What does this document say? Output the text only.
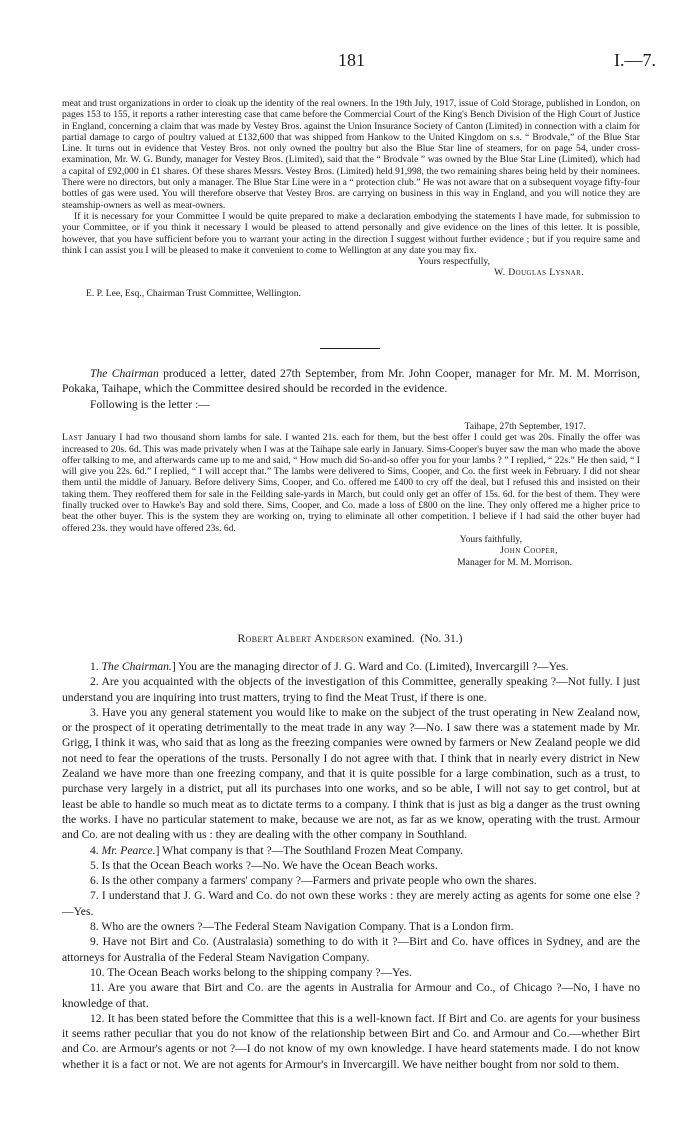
181	I.—7.

meat and trust organizations in order to cloak up the identity of the real owners. In the 19th July, 1917, issue of Cold Storage, published in London, on pages 153 to 155, it reports a rather interesting case that came before the Commercial Court of the King's Bench Division of the High Court of Justice in England, concerning a claim that was made by Vestey Bros. against the Union Insurance Society of Canton (Limited) in connection with a claim for partial damage to cargo of poultry valued at £132,600 that was shipped from Hankow to the United Kingdom on s.s. “ Brodvale,” of the Blue Star Line. It turns out in evidence that Vestey Bros. not only owned the poultry but also the Blue Star line of steamers, for on page 54, under cross-examination, Mr. W. G. Bundy, manager for Vestey Bros. (Limited), said that the “ Brodvale ” was owned by the Blue Star Line (Limited), which had a capital of £92,000 in £1 shares. Of these shares Messrs. Vestey Bros. (Limited) held 91,998, the two remaining shares being held by their nominees. There were no directors, but only a manager. The Blue Star Line were in a “ protection club.” He was not aware that on a subsequent voyage fifty-four bottles of gas were used. You will therefore observe that Vestey Bros. are carrying on business in this way in England, and you will notice they are steamship-owners as well as meat-owners.

If it is necessary for your Committee I would be quite prepared to make a declaration embodying the statements I have made, for submission to your Committee, or if you think it necessary I would be pleased to attend personally and give evidence on the lines of this letter. It is possible, however, that you have sufficient before you to warrant your acting in the direction I suggest without further evidence ; but if you require same and think I can assist you I will be pleased to make it convenient to come to Wellington at any date you may fix.

Yours respectfully,
W. Douglas Lysnar.

E. P. Lee, Esq., Chairman Trust Committee, Wellington.

The Chairman produced a letter, dated 27th September, from Mr. John Cooper, manager for Mr. M. M. Morrison, Pokaka, Taihape, which the Committee desired should be recorded in the evidence.

Following is the letter :—

Taihape, 27th September, 1917.

Last January I had two thousand shorn lambs for sale. I wanted 21s. each for them, but the best offer I could get was 20s. Finally the offer was increased to 20s. 6d. This was made privately when I was at the Taihape sale early in January. Sims-Cooper's buyer saw the man who made the above offer talking to me, and afterwards came up to me and said, “ How much did So-and-so offer you for your lambs ? ” I replied, “ 22s.” He then said, “ I will give you 22s. 6d.” I replied, “ I will accept that.” The lambs were delivered to Sims, Cooper, and Co. the first week in February. I did not shear them until the middle of January. Before delivery Sims, Cooper, and Co. offered me £400 to cry off the deal, but I refused this and insisted on their taking them. They reoffered them for sale in the Feilding sale-yards in March, but could only get an offer of 15s. 6d. for the best of them. They were finally trucked over to Hawke's Bay and sold there. Sims, Cooper, and Co. made a loss of £800 on the line. They only offered me a higher price to beat the other buyer. This is the system they are working on, trying to eliminate all other competition. I believe if I had said the other buyer had offered 23s. they would have offered 23s. 6d.

Yours faithfully,
John Cooper,
Manager for M. M. Morrison.
Robert Albert Anderson examined. (No. 31.)

1. The Chairman.] You are the managing director of J. G. Ward and Co. (Limited), Invercargill ?—Yes.

2. Are you acquainted with the objects of the investigation of this Committee, generally speaking ?—Not fully. I just understand you are inquiring into trust matters, trying to find the Meat Trust, if there is one.

3. Have you any general statement you would like to make on the subject of the trust operating in New Zealand now, or the prospect of it operating detrimentally to the meat trade in any way ?—No. I saw there was a statement made by Mr. Grigg, I think it was, who said that as long as the freezing companies were owned by farmers or New Zealand people we did not need to fear the operations of the trusts. Personally I do not agree with that. I think that in nearly every district in New Zealand we have more than one freezing company, and that it is quite possible for a large combination, such as a trust, to purchase very largely in a district, put all its purchases into one works, and so be able, I will not say to get control, but at least be able to handle so much meat as to dictate terms to a company. I think that is just as big a danger as the trust owning the works. I have no particular statement to make, because we are not, as far as we know, operating with the trust. Armour and Co. are not dealing with us : they are dealing with the other company in Southland.

4. Mr. Pearce.] What company is that ?—The Southland Frozen Meat Company.

5. Is that the Ocean Beach works ?—No. We have the Ocean Beach works.

6. Is the other company a farmers' company ?—Farmers and private people who own the shares.

7. I understand that J. G. Ward and Co. do not own these works : they are merely acting as agents for some one else ?—Yes.

8. Who are the owners ?—The Federal Steam Navigation Company. That is a London firm.

9. Have not Birt and Co. (Australasia) something to do with it ?—Birt and Co. have offices in Sydney, and are the attorneys for Australia of the Federal Steam Navigation Company.

10. The Ocean Beach works belong to the shipping company ?—Yes.

11. Are you aware that Birt and Co. are the agents in Australia for Armour and Co., of Chicago ?—No, I have no knowledge of that.

12. It has been stated before the Committee that this is a well-known fact. If Birt and Co. are agents for your business it seems rather peculiar that you do not know of the relationship between Birt and Co. and Armour and Co.—whether Birt and Co. are Armour's agents or not ?—I do not know of my own knowledge. I have heard statements made. I do not know whether it is a fact or not. We are not agents for Armour's in Invercargill. We have neither bought from nor sold to them.
